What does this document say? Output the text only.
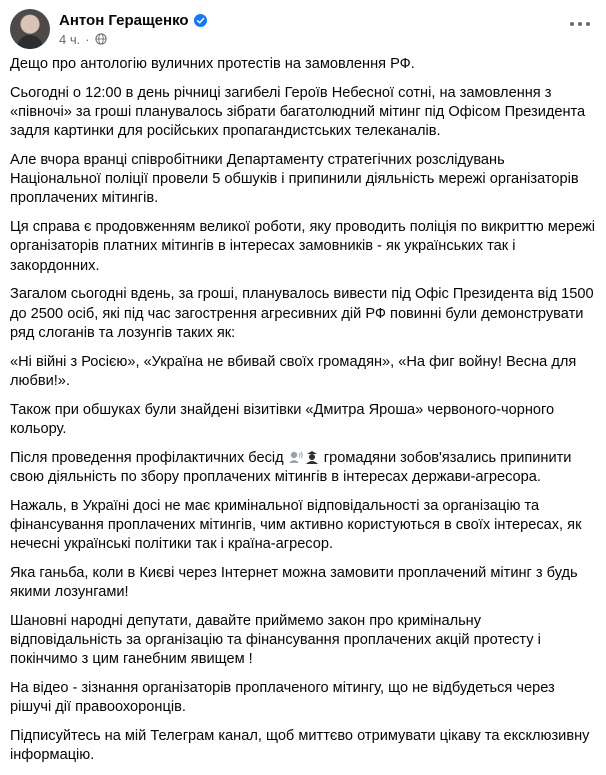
Антон Геращенко
4 ч. ·

Дещо про антологію вуличних протестів на замовлення РФ.

Сьогодні о 12:00 в день річниці загибелі Героїв Небесної сотні, на замовлення з «півночі» за гроші планувалось зібрати багатолюдний мітинг під Офісом Президента задля картинки для російських пропагандистських телеканалів.

Але вчора вранці співробітники Департаменту стратегічних розслідувань Національної поліції провели 5 обшуків і припинили діяльність мережі організаторів проплачених мітингів.

Ця справа є продовженням великої роботи, яку проводить поліція по викриттю мережі організаторів платних мітингів в інтересах замовників - як українських так і закордонних.

Загалом сьогодні вдень, за гроші, планувалось вивести під Офіс Президента від 1500 до 2500 осіб, які під час загострення агресивних дій РФ повинні були демонструвати ряд слоганів та лозунгів таких як:

«Ні війні з Росією», «Україна не вбивай своїх громадян», «На фиг войну! Весна для любви!».

Також при обшуках були знайдені візитівки «Дмитра Яроша» червоного-чорного кольору.

Після проведення профілактичних бесід	громадяни зобов'язались припинити свою діяльність по збору проплачених мітингів в інтересах держави-агресора.

Нажаль, в Україні досі не має кримінальної відповідальності за організацію та фінансування проплачених мітингів, чим активно користуються в своїх інтересах, як нечесні українські політики так і країна-агресор.

Яка ганьба, коли в Києві через Інтернет можна замовити проплачений мітинг з будь якими лозунгами!

Шановні народні депутати, давайте приймемо закон про кримінальну відповідальність за організацію та фінансування проплачених акцій протесту і покінчимо з цим ганебним явищем !

На відео - зізнання організаторів проплаченого мітингу, що не відбудеться через рішучі дії правоохоронців.

Підписуйтесь на мій Телеграм канал, щоб миттєво отримувати цікаву та ексклюзивну інформацію.
